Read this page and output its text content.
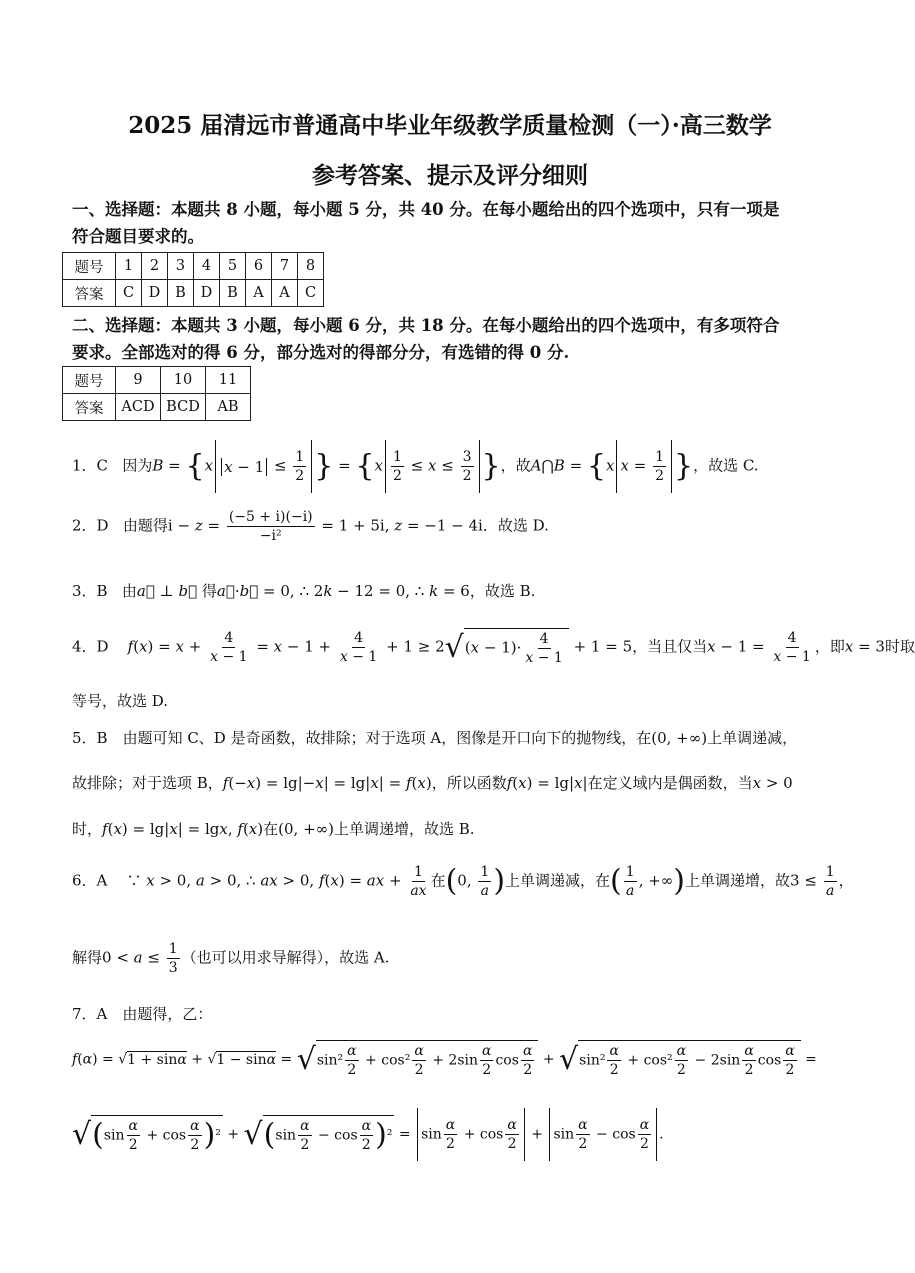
2025 届清远市普通高中毕业年级教学质量检测（一）·高三数学
参考答案、提示及评分细则
一、选择题：本题共 8 小题，每小题 5 分，共 40 分。在每小题给出的四个选项中，只有一项是
符合题目要求的。
题号	1	2	3	4	5	6	7	8
答案	C	D	B	D	B	A	A	C
二、选择题：本题共 3 小题，每小题 6 分，共 18 分。在每小题给出的四个选项中，有多项符合
要求。全部选对的得 6 分，部分选对的得部分分，有选错的得 0 分.
题号	9	10	11
答案	ACD	BCD	AB
1．C 因为B = {x $x - 1 \le \frac{1}{2}$ } = {$x \frac{1}{2} \le x \le \frac{3}{2}$ }，故A⋂B = {x $x = \frac{1}{2}$ }，故选 C.
2．D 由题得$i - z = \frac{(-5 + i)(-i)}{\text{−i²}} = 1 + 5i$, z = −1 − 4i．故选 D.
3．B 由a⃗ ⊥ b⃗ 得a⃗·b⃗ = 0, ∴ 2k − 12 = 0, ∴ k = 6，故选 B.
4．D $f(x) = x + \frac{4}{x - 1} = x - 1 + \frac{4}{x - 1} + 1 \ge 2√(x - 1)\cdot \frac{4}{x - 1} + 1 = 5$，当且仅当$x - 1 = \frac{4}{x - 1}$ ，即x = 3时取
等号，故选 D.
5．B　由题可知 C、D 是奇函数，故排除；对于选项 A，图像是开口向下的抛物线，在(0, +∞)上单调递减，
故排除；对于选项 B，f(−x) = lg|−x| = lg|x| = f(x)，所以函数f(x) = lg|x|在定义域内是偶函数，当x > 0
时，f(x) = lg|x| = lgx, f(x)在(0, +∞)上单调递增，故选 B.
6．A    ∵ x > 0, a > 0, ∴ ax > 0, f(x) = ax + $\frac{1}{ax}$ 在(0, $\frac{1}{a}$ )上单调递减，在( $\frac{1}{a}$ , +∞)上单调递增，故$3 \le \frac{1}{a}$ ，
解得$0 < a \le \frac{1}{3}$ （也可以用求导解得），故选 A.
7．A　由题得，乙：
$f(\alpha) = √1 + \sin\alpha + √1 - \sin\alpha = √\sin^2 \frac{\alpha}{2} + \cos^2 \frac{\alpha}{2} + 2\sin \frac{\alpha}{2}$ $\cos \frac{\alpha}{2} + √\sin^2 \frac{\alpha}{2} + \cos^2 \frac{\alpha}{2} - 2\sin \frac{\alpha}{2}$ $\cos \frac{\alpha}{2}$ =
$√(\sin \frac{\alpha}{2} + \cos \frac{\alpha}{2} )^2 + √(\sin \frac{\alpha}{2} - \cos \frac{\alpha}{2} )^2 = \sin \frac{\alpha}{2} + \cos \frac{\alpha}{2} + \sin \frac{\alpha}{2} - \cos \frac{\alpha}{2}$ .
